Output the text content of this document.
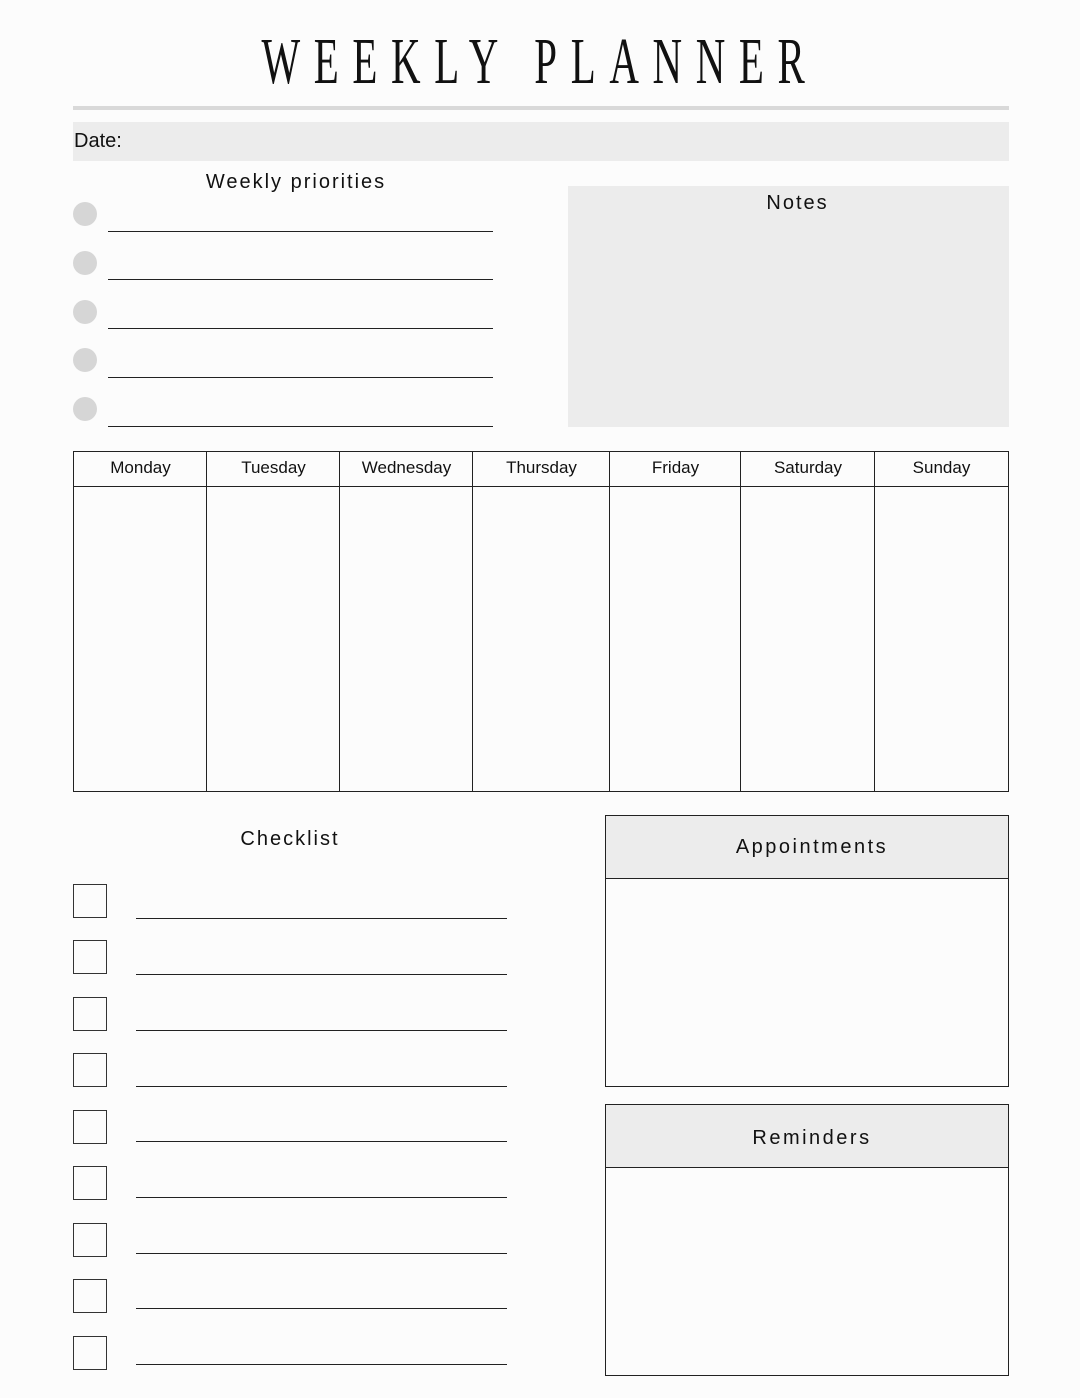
WEEKLY PLANNER
Date:
Weekly priorities
Notes
Monday	Tuesday	Wednesday	Thursday	Friday	Saturday	Sunday
Checklist	Appointments
Reminders
